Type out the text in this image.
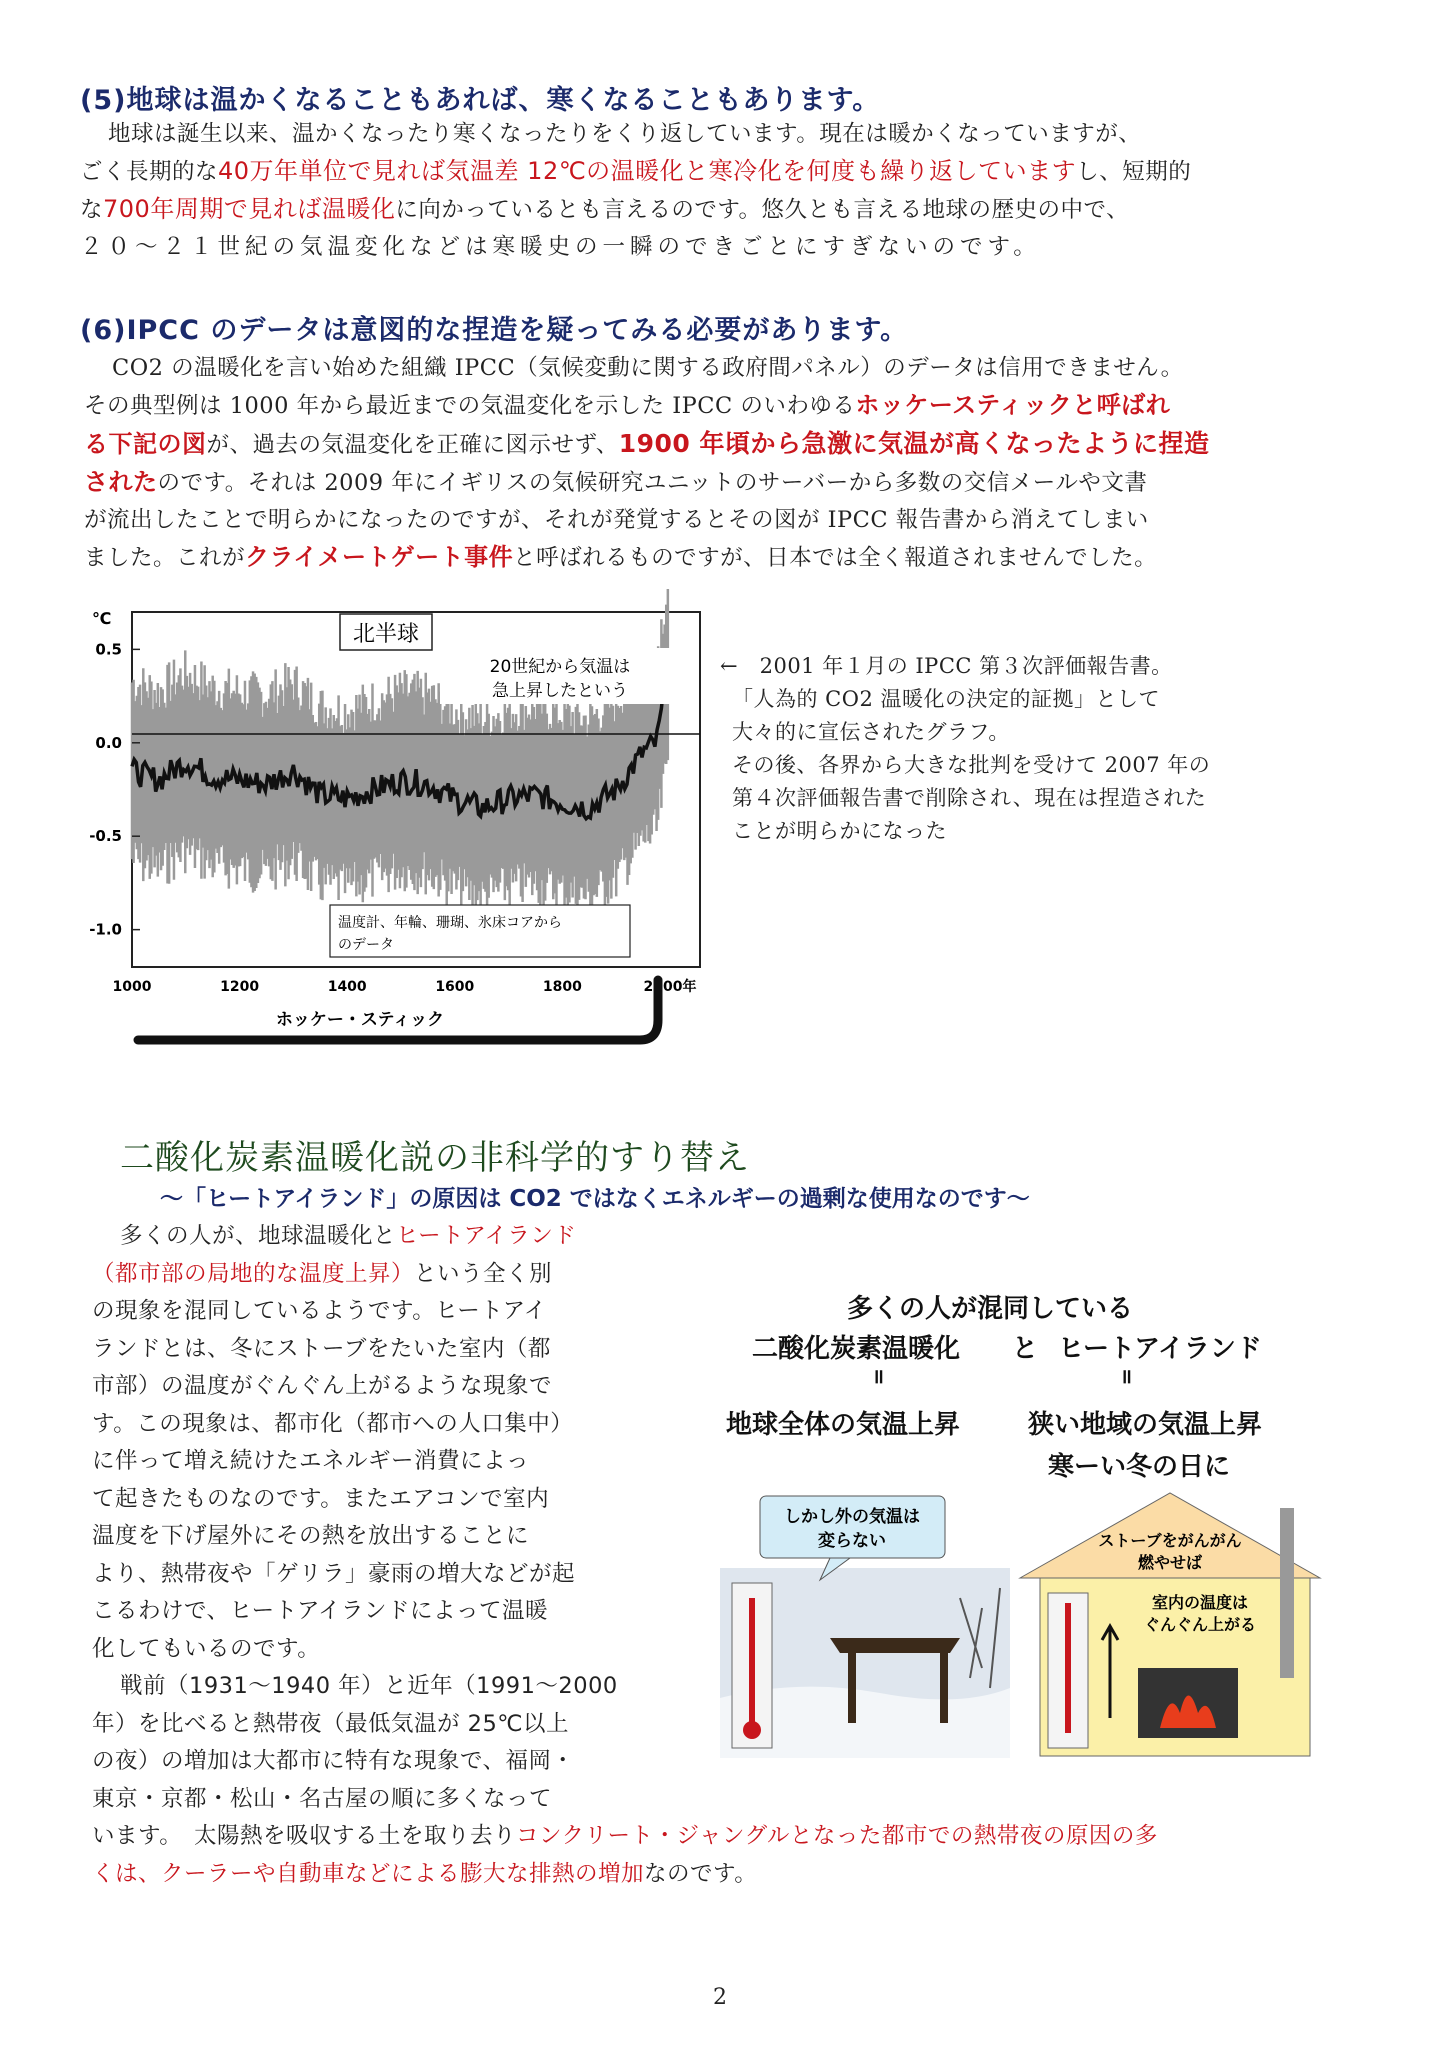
(5)地球は温かくなることもあれば、寒くなることもあります。
地球は誕生以来、温かくなったり寒くなったりをくり返しています。現在は暖かくなっていますが、
ごく長期的な40万年単位で見れば気温差 12℃の温暖化と寒冷化を何度も繰り返していますし、短期的
な700年周期で見れば温暖化に向かっているとも言えるのです。悠久とも言える地球の歴史の中で、
２０～２１世紀の気温変化などは寒暖史の一瞬のできごとにすぎないのです。
(6)IPCC のデータは意図的な捏造を疑ってみる必要があります。
CO2 の温暖化を言い始めた組織 IPCC（気候変動に関する政府間パネル）のデータは信用できません。
その典型例は 1000 年から最近までの気温変化を示した IPCC のいわゆるホッケースティックと呼ばれ
る下記の図が、過去の気温変化を正確に図示せず、1900 年頃から急激に気温が高くなったように捏造
されたのです。それは 2009 年にイギリスの気候研究ユニットのサーバーから多数の交信メールや文書
が流出したことで明らかになったのですが、それが発覚するとその図が IPCC 報告書から消えてしまい
ました。これがクライメートゲート事件と呼ばれるものですが、日本では全く報道されませんでした。
0.5
0.0
-0.5
-1.0
1000	1200	1400	1600	1800	2000年
℃
北半球
20世紀から気温は
急上昇したという
温度計、年輪、珊瑚、氷床コアから
のデータ
ホッケー・スティック
←　2001 年１月の IPCC 第３次評価報告書。
「人為的 CO2 温暖化の決定的証拠」として
大々的に宣伝されたグラフ。
その後、各界から大きな批判を受けて 2007 年の
第４次評価報告書で削除され、現在は捏造された
ことが明らかになった
二酸化炭素温暖化説の非科学的すり替え
～「ヒートアイランド」の原因は CO2 ではなくエネルギーの過剰な使用なのです～
多くの人が、地球温暖化とヒートアイランド
（都市部の局地的な温度上昇）という全く別
の現象を混同しているようです。ヒートアイ
ランドとは、冬にストーブをたいた室内（都
市部）の温度がぐんぐん上がるような現象で
す。この現象は、都市化（都市への人口集中）
に伴って増え続けたエネルギー消費によっ
て起きたものなのです。またエアコンで室内
温度を下げ屋外にその熱を放出することに
より、熱帯夜や「ゲリラ」豪雨の増大などが起
こるわけで、ヒートアイランドによって温暖
化してもいるのです。
戦前（1931～1940 年）と近年（1991～2000
年）を比べると熱帯夜（最低気温が 25℃以上
の夜）の増加は大都市に特有な現象で、福岡・
東京・京都・松山・名古屋の順に多くなって
います。　太陽熱を吸収する土を取り去りコンクリート・ジャングルとなった都市での熱帯夜の原因の多
くは、クーラーや自動車などによる膨大な排熱の増加なのです。
多くの人が混同している
二酸化炭素温暖化 と ヒートアイランド
॥	॥
地球全体の気温上昇	狭い地域の気温上昇
寒ーい冬の日に
しかし外の気温は
変らない	ストーブをがんがん
燃やせば
室内の温度は
ぐんぐん上がる
2
